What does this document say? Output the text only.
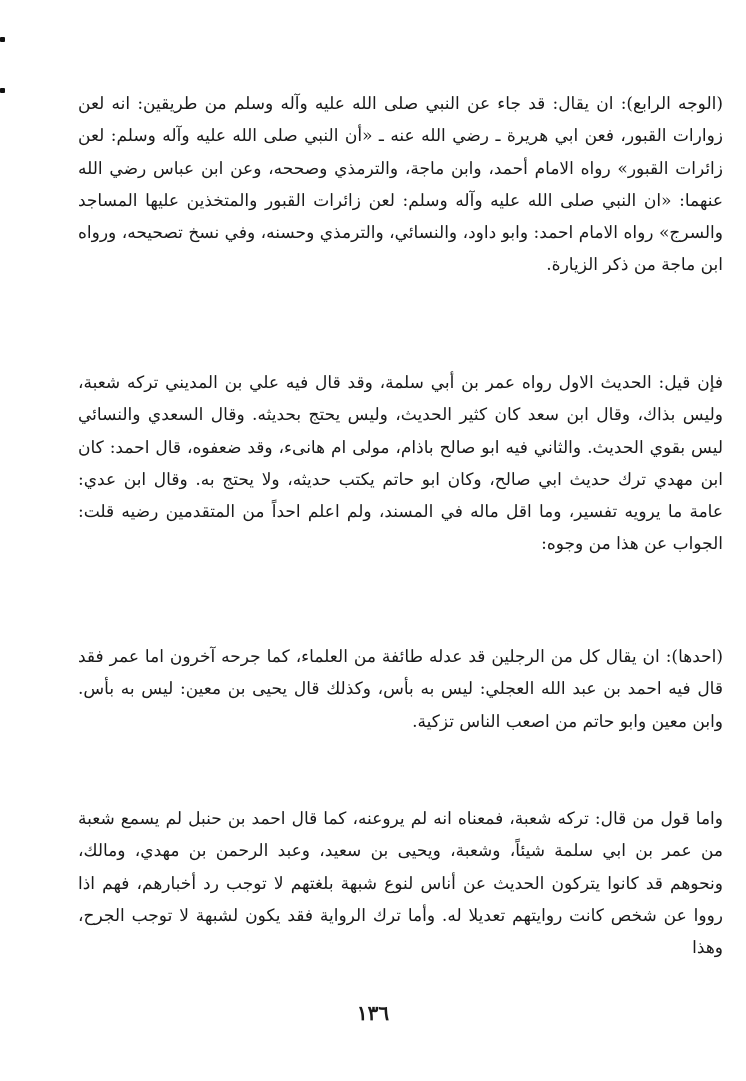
(الوجه الرابع): ان يقال: قد جاء عن النبي صلى الله عليه وآله وسلم من طريقين: انه لعن زوارات القبور، فعن ابي هريرة ـ رضي الله عنه ـ «أن النبي صلى الله عليه وآله وسلم: لعن زائرات القبور» رواه الامام أحمد، وابن ماجة، والترمذي وصححه، وعن ابن عباس رضي الله عنهما: «ان النبي صلى الله عليه وآله وسلم: لعن زائرات القبور والمتخذين عليها المساجد والسرج» رواه الامام احمد: وابو داود، والنسائي، والترمذي وحسنه، وفي نسخ تصحيحه، ورواه ابن ماجة من ذكر الزيارة.

فإن قيل: الحديث الاول رواه عمر بن أبي سلمة، وقد قال فيه علي بن المديني تركه شعبة، وليس بذاك، وقال ابن سعد كان كثير الحديث، وليس يحتج بحديثه. وقال السعدي والنسائي ليس بقوي الحديث. والثاني فيه ابو صالح باذام، مولى ام هانىء، وقد ضعفوه، قال احمد: كان ابن مهدي ترك حديث ابي صالح، وكان ابو حاتم يكتب حديثه، ولا يحتج به. وقال ابن عدي: عامة ما يرويه تفسير، وما اقل ماله في المسند، ولم اعلم احداً من المتقدمين رضيه قلت: الجواب عن هذا من وجوه:

(احدها): ان يقال كل من الرجلين قد عدله طائفة من العلماء، كما جرحه آخرون اما عمر فقد قال فيه احمد بن عبد الله العجلي: ليس به بأس، وكذلك قال يحيى بن معين: ليس به بأس. وابن معين وابو حاتم من اصعب الناس تزكية.

واما قول من قال: تركه شعبة، فمعناه انه لم يروعنه، كما قال احمد بن حنبل لم يسمع شعبة من عمر بن ابي سلمة شيئاً، وشعبة، ويحيى بن سعيد، وعبد الرحمن بن مهدي، ومالك، ونحوهم قد كانوا يتركون الحديث عن أناس لنوع شبهة بلغتهم لا توجب رد أخبارهم، فهم اذا رووا عن شخص كانت روايتهم تعديلا له. وأما ترك الرواية فقد يكون لشبهة لا توجب الجرح، وهذا

١٣٦
